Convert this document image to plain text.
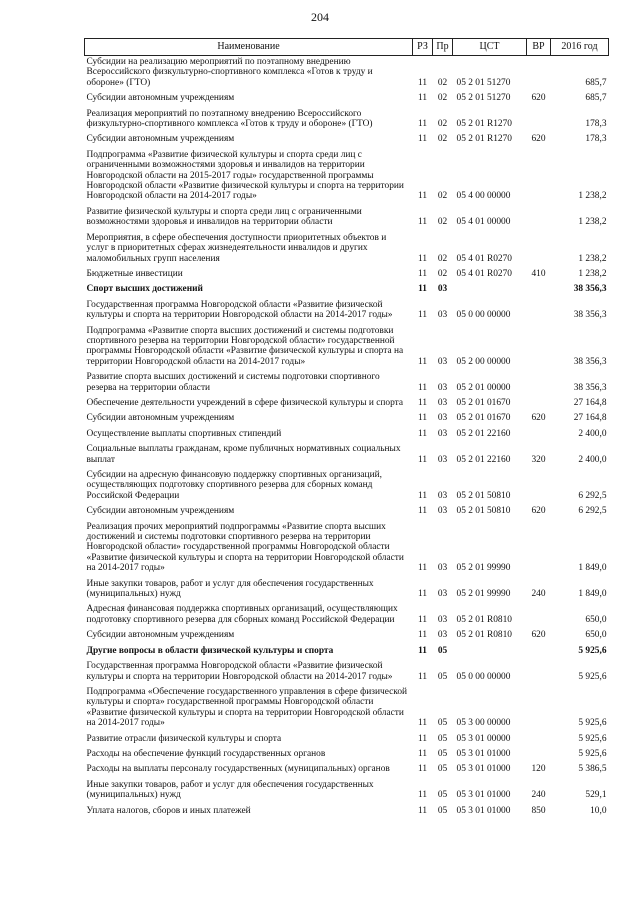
204
Наименование	РЗ	Пр	ЦСТ	ВР	2016 год
Субсидии на реализацию мероприятий по поэтапному внедрению Всероссийского физкультурно-спортивного комплекса «Готов к труду и обороне» (ГТО)	11	02	05 2 01 51270		685,7
Субсидии автономным учреждениям	11	02	05 2 01 51270	620	685,7
Реализация мероприятий по поэтапному внедрению Всероссийского физкультурно-спортивного комплекса «Готов к труду и обороне» (ГТО)	11	02	05 2 01 R1270		178,3
Субсидии автономным учреждениям	11	02	05 2 01 R1270	620	178,3
Подпрограмма «Развитие физической культуры и спорта среди лиц с ограниченными возможностями здоровья и инвалидов на территории Новгородской области на 2015-2017 годы» государственной программы Новгородской области «Развитие физической культуры и спорта на территории Новгородской области на 2014-2017 годы»	11	02	05 4 00 00000		1 238,2
Развитие физической культуры и спорта среди лиц с ограниченными возможностями здоровья и инвалидов на территории области	11	02	05 4 01 00000		1 238,2
Мероприятия, в сфере обеспечения доступности приоритетных объектов и услуг в приоритетных сферах жизнедеятельности инвалидов и других маломобильных групп населения	11	02	05 4 01 R0270		1 238,2
Бюджетные инвестиции	11	02	05 4 01 R0270	410	1 238,2
Спорт высших достижений	11	03			38 356,3
Государственная программа Новгородской области «Развитие физической культуры и спорта на территории Новгородской области на 2014-2017 годы»	11	03	05 0 00 00000		38 356,3
Подпрограмма «Развитие спорта высших достижений и системы подготовки спортивного резерва на территории Новгородской области» государственной программы Новгородской области «Развитие физической культуры и спорта на территории Новгородской области на 2014-2017 годы»	11	03	05 2 00 00000		38 356,3
Развитие спорта высших достижений и системы подготовки спортивного резерва на территории области	11	03	05 2 01 00000		38 356,3
Обеспечение деятельности учреждений в сфере физической культуры и спорта	11	03	05 2 01 01670		27 164,8
Субсидии автономным учреждениям	11	03	05 2 01 01670	620	27 164,8
Осуществление выплаты спортивных стипендий	11	03	05 2 01 22160		2 400,0
Социальные выплаты гражданам, кроме публичных нормативных социальных выплат	11	03	05 2 01 22160	320	2 400,0
Субсидии на адресную финансовую поддержку спортивных организаций, осуществляющих подготовку спортивного резерва для сборных команд Российской Федерации	11	03	05 2 01 50810		6 292,5
Субсидии автономным учреждениям	11	03	05 2 01 50810	620	6 292,5
Реализация прочих мероприятий подпрограммы «Развитие спорта высших достижений и системы подготовки спортивного резерва на территории Новгородской области» государственной программы Новгородской области «Развитие физической культуры и спорта на территории Новгородской области на 2014-2017 годы»	11	03	05 2 01 99990		1 849,0
Иные закупки товаров, работ и услуг для обеспечения государственных (муниципальных) нужд	11	03	05 2 01 99990	240	1 849,0
Адресная финансовая поддержка спортивных организаций, осуществляющих подготовку спортивного резерва для сборных команд Российской Федерации	11	03	05 2 01 R0810		650,0
Субсидии автономным учреждениям	11	03	05 2 01 R0810	620	650,0
Другие вопросы в области физической культуры и спорта	11	05			5 925,6
Государственная программа Новгородской области «Развитие физической культуры и спорта на территории Новгородской области на 2014-2017 годы»	11	05	05 0 00 00000		5 925,6
Подпрограмма «Обеспечение государственного управления в сфере физической культуры и спорта» государственной программы Новгородской области «Развитие физической культуры и спорта на территории Новгородской области на 2014-2017 годы»	11	05	05 3 00 00000		5 925,6
Развитие отрасли физической культуры и спорта	11	05	05 3 01 00000		5 925,6
Расходы на обеспечение функций государственных органов	11	05	05 3 01 01000		5 925,6
Расходы на выплаты персоналу государственных (муниципальных) органов	11	05	05 3 01 01000	120	5 386,5
Иные закупки товаров, работ и услуг для обеспечения государственных (муниципальных) нужд	11	05	05 3 01 01000	240	529,1
Уплата налогов, сборов и иных платежей	11	05	05 3 01 01000	850	10,0
